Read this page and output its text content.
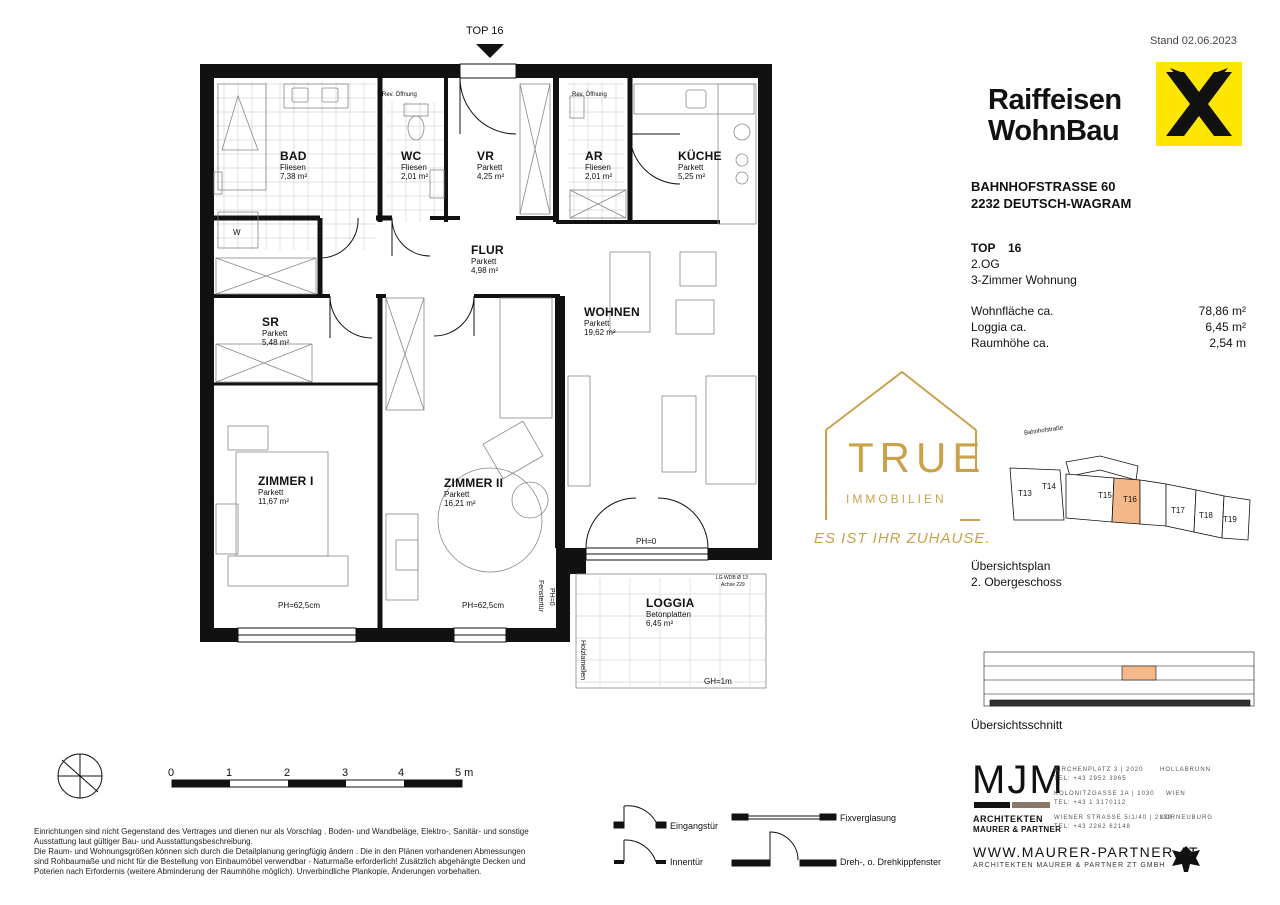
Stand 02.06.2023
TOP 16
Raiffeisen
WohnBau
BAHNHOFSTRASSE 60
2232 DEUTSCH-WAGRAM
TOP 16
2.OG
3-Zimmer Wohnung
Wohnfläche ca.	78,86 m²
Loggia ca.	6,45 m²
Raumhöhe ca.	2,54 m
BAD
Fliesen
7,38 m²
WC
Fliesen
2,01 m²
VR
Parkett
4,25 m²
AR
Fliesen
2,01 m²
KÜCHE
Parkett
5,25 m²
FLUR
Parkett
4,98 m²
SR
Parkett
5,48 m²
WOHNEN
Parkett
19,62 m²
ZIMMER I
Parkett
11,67 m²
ZIMMER II
Parkett
16,21 m²
LOGGIA
Betonplatten
6,45 m²
Rev. Öffnung	Rev. Öffnung
W
PH=62,5cm	PH=62,5cm
PH=0
PH=0
Fenstertür
Holzlamellen
GH=1m
LG WDB Ø 13
Achse 229
TRUE
IMMOBILIEN
ES IST IHR ZUHAUSE.
Bahnhofstraße
T13
T14
T15 T16
T17
T18 T19
Übersichtsplan
2. Obergeschoss
Übersichtsschnitt
0	1	2	3	4	5 m
Eingangstür
Innentür
Fixverglasung
Dreh-, o. Drehkippfenster
Einrichtungen sind nicht Gegenstand des Vertrages und dienen nur als Vorschlag . Boden- und Wandbeläge, Elektro-, Sanitär- und sonstige
Ausstattung laut gültiger Bau- und Ausstattungsbeschreibung.
Die Raum- und Wohnungsgrößen können sich durch die Detailplanung geringfügig ändern . Die in den Plänen vorhandenen Abmessungen
sind Rohbaumaße und nicht für die Bestellung von Einbaumöbel verwendbar - Naturmaße erforderlich! Zusätzlich abgehängte Decken und
Poterien nach Erfordernis (weitere Abminderung der Raumhöhe möglich). Unverbindliche Plankopie, Änderungen vorbehalten.
MJM
ARCHITEKTEN
MAURER & PARTNER
KIRCHENPLATZ 3 | 2020	HOLLABRUNN
TEL: +43 2952 3965
KOLONITZGASSE 2A | 1030 WIEN
TEL: +43 1 3170112
WIENER STRASSE 5/1/40 | 2100
KORNEUBURG
TEL: +43 2262 62148
WWW.MAURER-PARTNER.AT
ARCHITEKTEN MAURER & PARTNER ZT GMBH
